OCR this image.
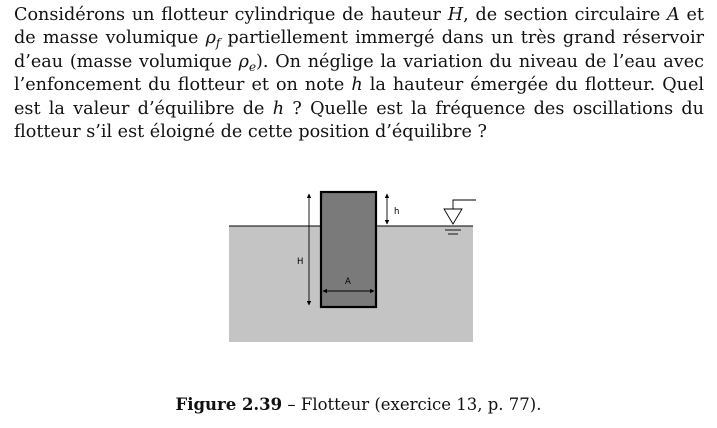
Considérons un flotteur cylindrique de hauteur H, de section circulaire A et
de masse volumique $\rho_f$ partiellement immergé dans un très grand réservoir
d’eau (masse volumique $\rho_e$). On néglige la variation du niveau de l’eau avec
l’enfoncement du flotteur et on note h la hauteur émergée du flotteur. Quel
est la valeur d’équilibre de h ? Quelle est la fréquence des oscillations du
flotteur s’il est éloigné de cette position d’équilibre ?
H
h
A
Figure 2.39 – Flotteur (exercice 13, p. 77).
